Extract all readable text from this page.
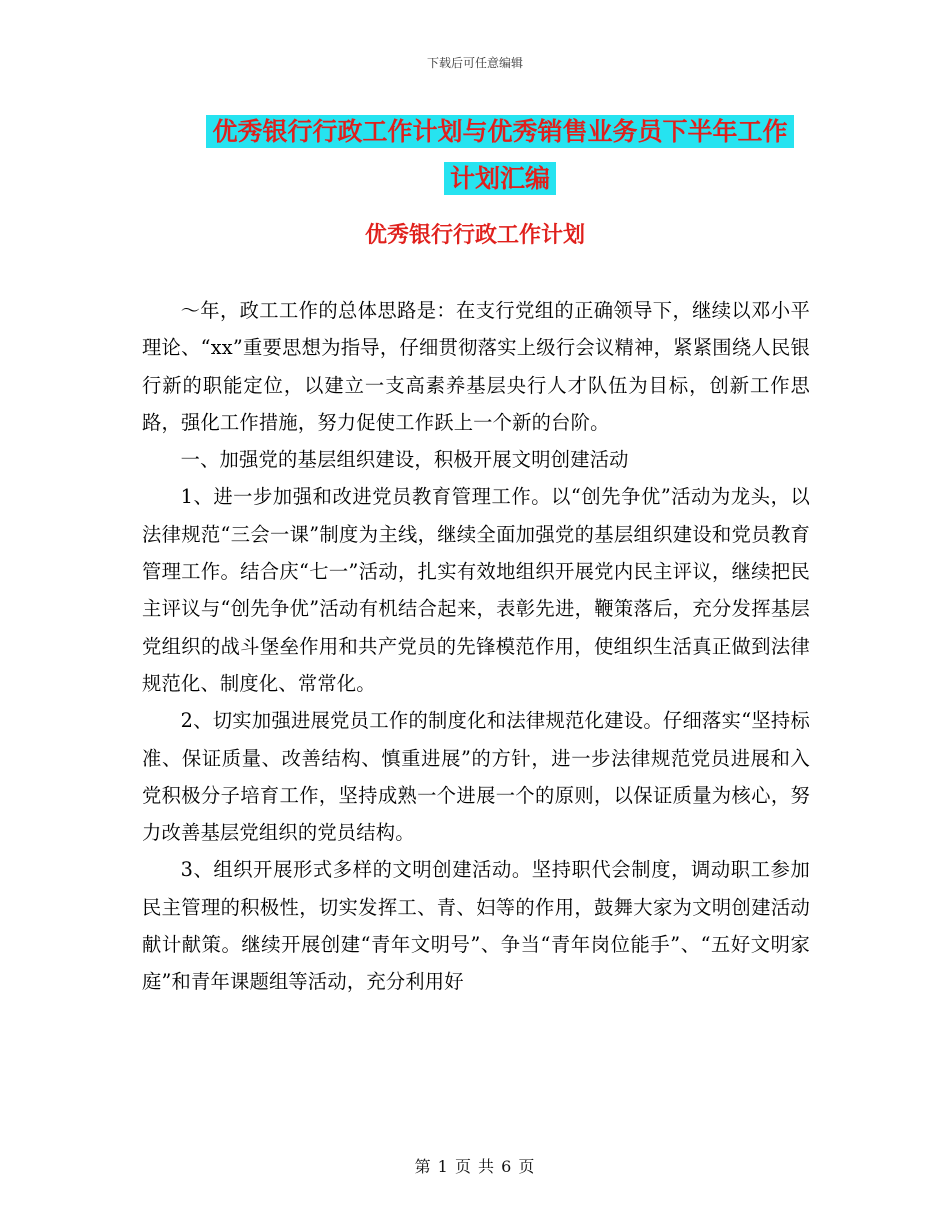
下载后可任意编辑
优秀银行行政工作计划与优秀销售业务员下半年工作
计划汇编
优秀银行行政工作计划

～年，政工工作的总体思路是：在支行党组的正确领导下，继续以邓小平理论、“xx”重要思想为指导，仔细贯彻落实上级行会议精神，紧紧围绕人民银行新的职能定位，以建立一支高素养基层央行人才队伍为目标，创新工作思路，强化工作措施，努力促使工作跃上一个新的台阶。

一、加强党的基层组织建设，积极开展文明创建活动

1、进一步加强和改进党员教育管理工作。以“创先争优”活动为龙头，以法律规范“三会一课”制度为主线，继续全面加强党的基层组织建设和党员教育管理工作。结合庆“七一”活动，扎实有效地组织开展党内民主评议，继续把民主评议与“创先争优”活动有机结合起来，表彰先进，鞭策落后，充分发挥基层党组织的战斗堡垒作用和共产党员的先锋模范作用，使组织生活真正做到法律规范化、制度化、常常化。

2、切实加强进展党员工作的制度化和法律规范化建设。仔细落实“坚持标准、保证质量、改善结构、慎重进展”的方针，进一步法律规范党员进展和入党积极分子培育工作，坚持成熟一个进展一个的原则，以保证质量为核心，努力改善基层党组织的党员结构。

3、组织开展形式多样的文明创建活动。坚持职代会制度，调动职工参加民主管理的积极性，切实发挥工、青、妇等的作用，鼓舞大家为文明创建活动献计献策。继续开展创建“青年文明号”、争当“青年岗位能手”、“五好文明家庭”和青年课题组等活动，充分利用好

第 1 页 共 6 页
